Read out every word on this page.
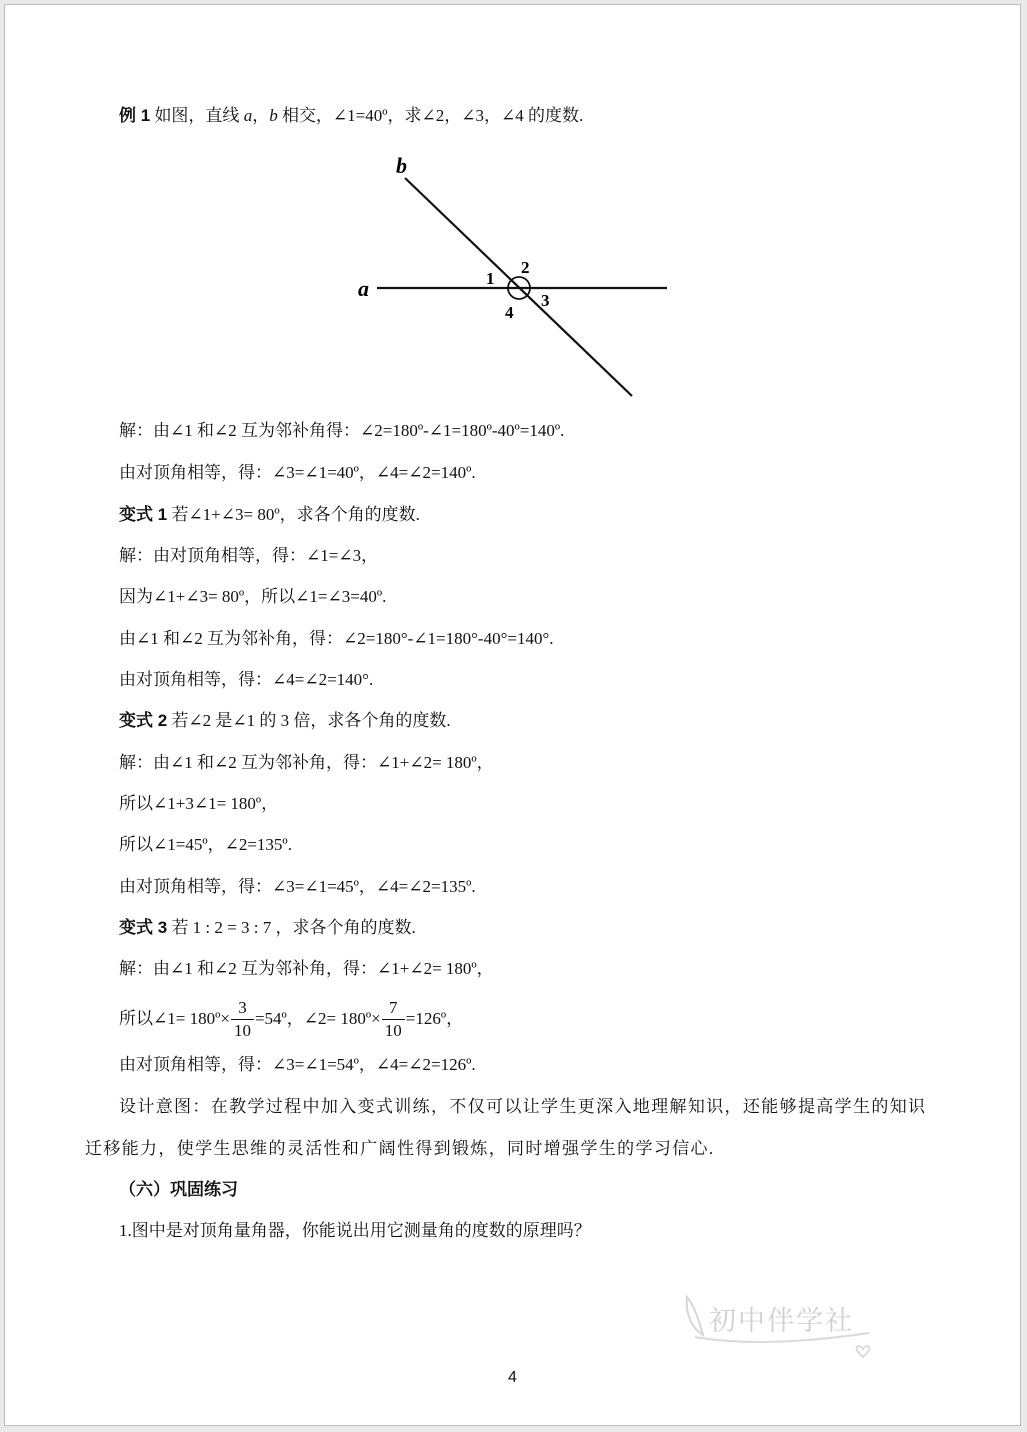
例 1 如图，直线 a，b 相交，∠1=40º，求∠2，∠3，∠4 的度数.
b
a	1
2
3
4
解：由∠1 和∠2 互为邻补角得：∠2=180º-∠1=180º-40º=140º.
由对顶角相等，得：∠3=∠1=40º，∠4=∠2=140º.
变式 1 若∠1+∠3= 80º，求各个角的度数.
解：由对顶角相等，得：∠1=∠3，
因为∠1+∠3= 80º，所以∠1=∠3=40º.
由∠1 和∠2 互为邻补角，得：∠2=180°-∠1=180°-40°=140°.
由对顶角相等，得：∠4=∠2=140°.
变式 2 若∠2 是∠1 的 3 倍，求各个角的度数.
解：由∠1 和∠2 互为邻补角，得：∠1+∠2= 180º，
所以∠1+3∠1= 180º，
所以∠1=45º，∠2=135º.
由对顶角相等，得：∠3=∠1=45º，∠4=∠2=135º.
变式 3 若 1 : 2 = 3 : 7 ，求各个角的度数.
解：由∠1 和∠2 互为邻补角，得：∠1+∠2= 180º，
所以∠1= 180º× $\frac{3}{10}$ =54º，∠2= 180º× $\frac{7}{10}$ =126º，
由对顶角相等，得：∠3=∠1=54º，∠4=∠2=126º.
设计意图：在教学过程中加入变式训练，不仅可以让学生更深入地理解知识，还能够提高学生的知识
迁移能力，使学生思维的灵活性和广阔性得到锻炼，同时增强学生的学习信心.
（六）巩固练习
1.图中是对顶角量角器，你能说出用它测量角的度数的原理吗？
初中伴学社
4
